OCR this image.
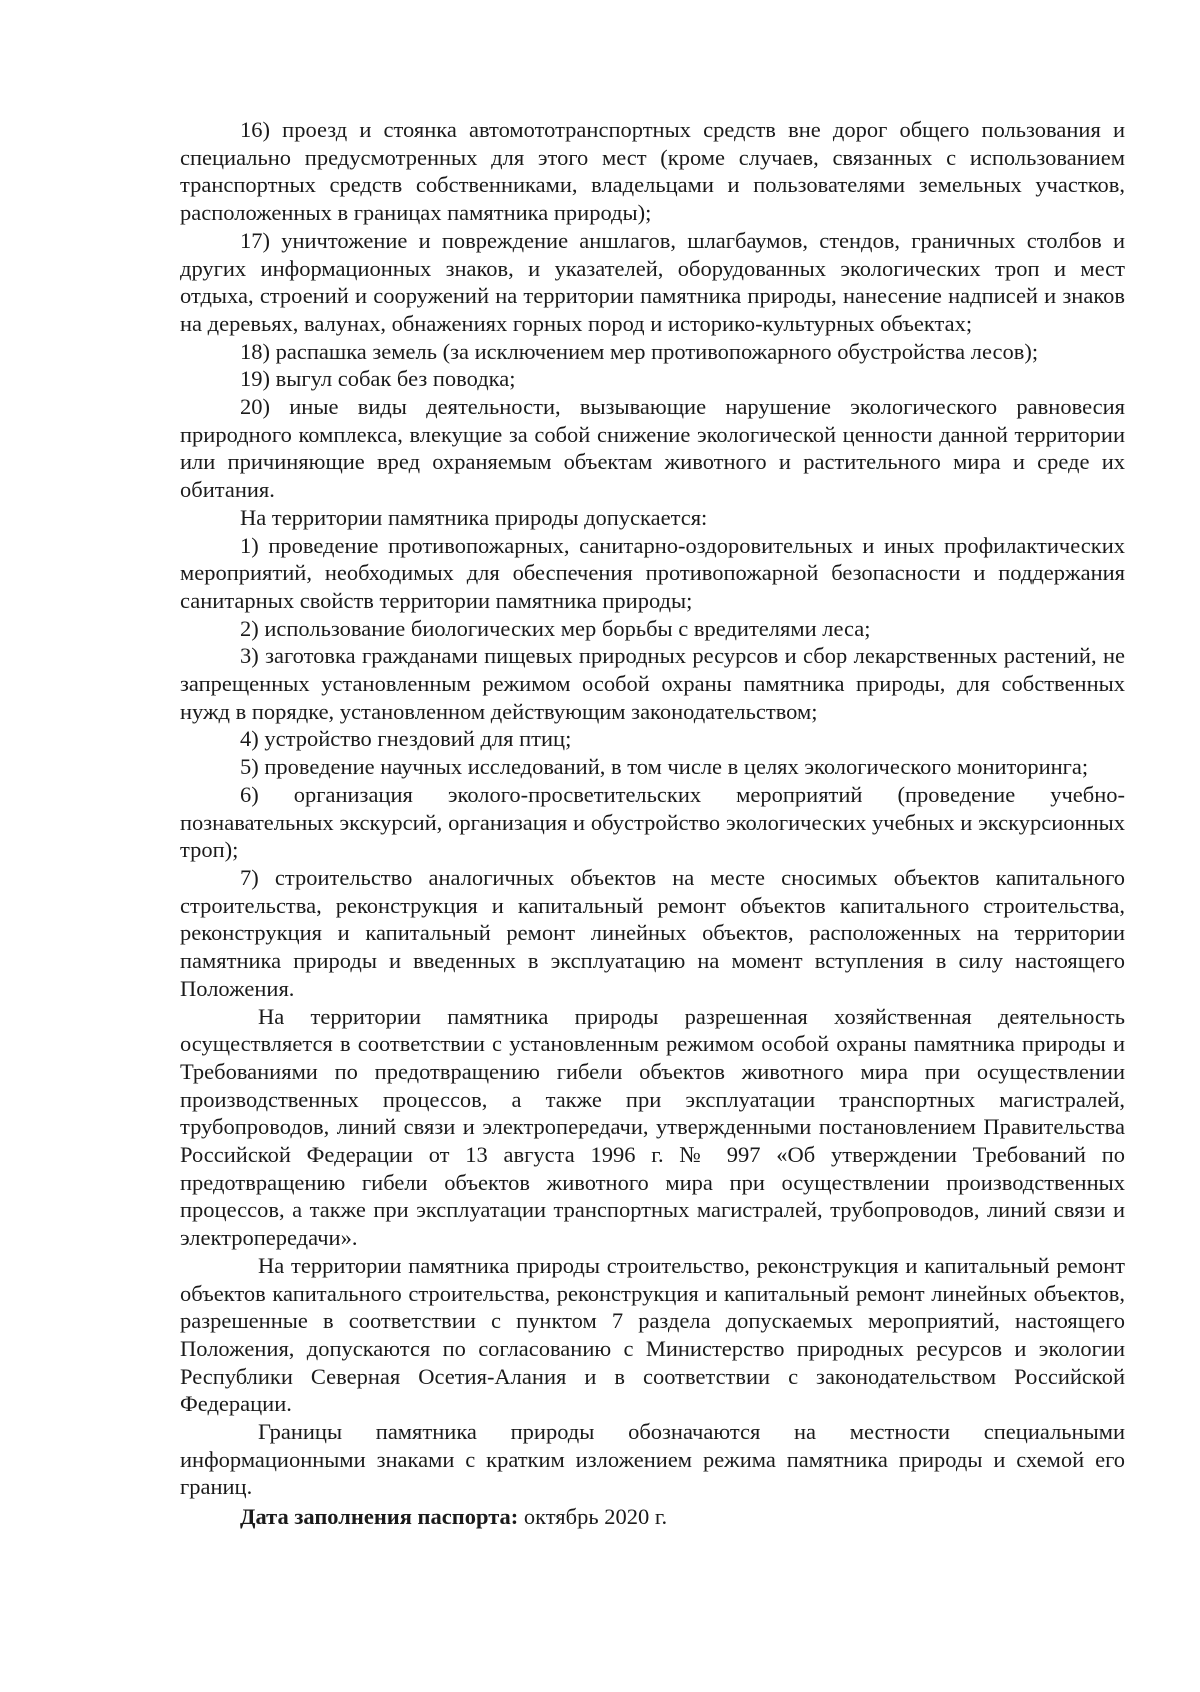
16) проезд и стоянка автомототранспортных средств вне дорог общего пользования и специально предусмотренных для этого мест (кроме случаев, связанных с использованием транспортных средств собственниками, владельцами и пользователями земельных участков, расположенных в границах памятника природы);

17) уничтожение и повреждение аншлагов, шлагбаумов, стендов, граничных столбов и других информационных знаков, и указателей, оборудованных экологических троп и мест отдыха, строений и сооружений на территории памятника природы, нанесение надписей и знаков на деревьях, валунах, обнажениях горных пород и историко-культурных объектах;

18) распашка земель (за исключением мер противопожарного обустройства лесов);

19) выгул собак без поводка;

20) иные виды деятельности, вызывающие нарушение экологического равновесия природного комплекса, влекущие за собой снижение экологической ценности данной территории или причиняющие вред охраняемым объектам животного и растительного мира и среде их обитания.

На территории памятника природы допускается:

1) проведение противопожарных, санитарно-оздоровительных и иных профилактических мероприятий, необходимых для обеспечения противопожарной безопасности и поддержания санитарных свойств территории памятника природы;

2) использование биологических мер борьбы с вредителями леса;

3) заготовка гражданами пищевых природных ресурсов и сбор лекарственных растений, не запрещенных установленным режимом особой охраны памятника природы, для собственных нужд в порядке, установленном действующим законодательством;

4) устройство гнездовий для птиц;

5) проведение научных исследований, в том числе в целях экологического мониторинга;

6) организация эколого-просветительских мероприятий (проведение учебно-познавательных экскурсий, организация и обустройство экологических учебных и экскурсионных троп);

7) строительство аналогичных объектов на месте сносимых объектов капитального строительства, реконструкция и капитальный ремонт объектов капитального строительства, реконструкция и капитальный ремонт линейных объектов, расположенных на территории памятника природы и введенных в эксплуатацию на момент вступления в силу настоящего Положения.

На территории памятника природы разрешенная хозяйственная деятельность осуществляется в соответствии с установленным режимом особой охраны памятника природы и Требованиями по предотвращению гибели объектов животного мира при осуществлении производственных процессов, а также при эксплуатации транспортных магистралей, трубопроводов, линий связи и электропередачи, утвержденными постановлением Правительства Российской Федерации от 13 августа 1996 г. № 997 «Об утверждении Требований по предотвращению гибели объектов животного мира при осуществлении производственных процессов, а также при эксплуатации транспортных магистралей, трубопроводов, линий связи и электропередачи».

На территории памятника природы строительство, реконструкция и капитальный ремонт объектов капитального строительства, реконструкция и капитальный ремонт линейных объектов, разрешенные в соответствии с пунктом 7 раздела допускаемых мероприятий, настоящего Положения, допускаются по согласованию с Министерство природных ресурсов и экологии Республики Северная Осетия-Алания и в соответствии с законодательством Российской Федерации.

Границы памятника природы обозначаются на местности специальными информационными знаками с кратким изложением режима памятника природы и схемой его границ.

Дата заполнения паспорта: октябрь 2020 г.
